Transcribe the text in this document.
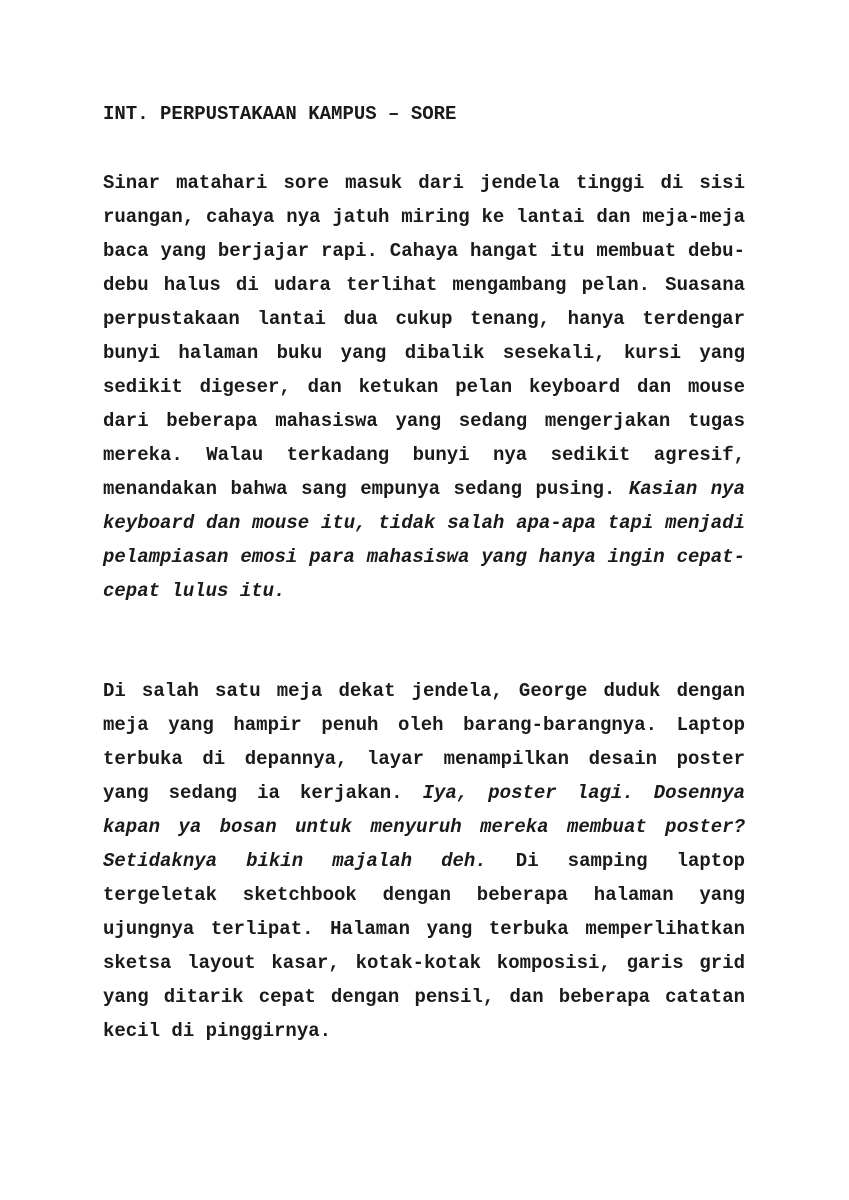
INT. PERPUSTAKAAN KAMPUS – SORE

Sinar matahari sore masuk dari jendela tinggi di sisi ruangan, cahaya nya jatuh miring ke lantai dan meja-meja baca yang berjajar rapi. Cahaya hangat itu membuat debu-debu halus di udara terlihat mengambang pelan. Suasana perpustakaan lantai dua cukup tenang, hanya terdengar bunyi halaman buku yang dibalik sesekali, kursi yang sedikit digeser, dan ketukan pelan keyboard dan mouse dari beberapa mahasiswa yang sedang mengerjakan tugas mereka. Walau terkadang bunyi nya sedikit agresif, menandakan bahwa sang empunya sedang pusing. Kasian nya keyboard dan mouse itu, tidak salah apa-apa tapi menjadi pelampiasan emosi para mahasiswa yang hanya ingin cepat-cepat lulus itu.

Di salah satu meja dekat jendela, George duduk dengan meja yang hampir penuh oleh barang-barangnya. Laptop terbuka di depannya, layar menampilkan desain poster yang sedang ia kerjakan. Iya, poster lagi. Dosennya kapan ya bosan untuk menyuruh mereka membuat poster? Setidaknya bikin majalah deh. Di samping laptop tergeletak sketchbook dengan beberapa halaman yang ujungnya terlipat. Halaman yang terbuka memperlihatkan sketsa layout kasar, kotak-kotak komposisi, garis grid yang ditarik cepat dengan pensil, dan beberapa catatan kecil di pinggirnya.
